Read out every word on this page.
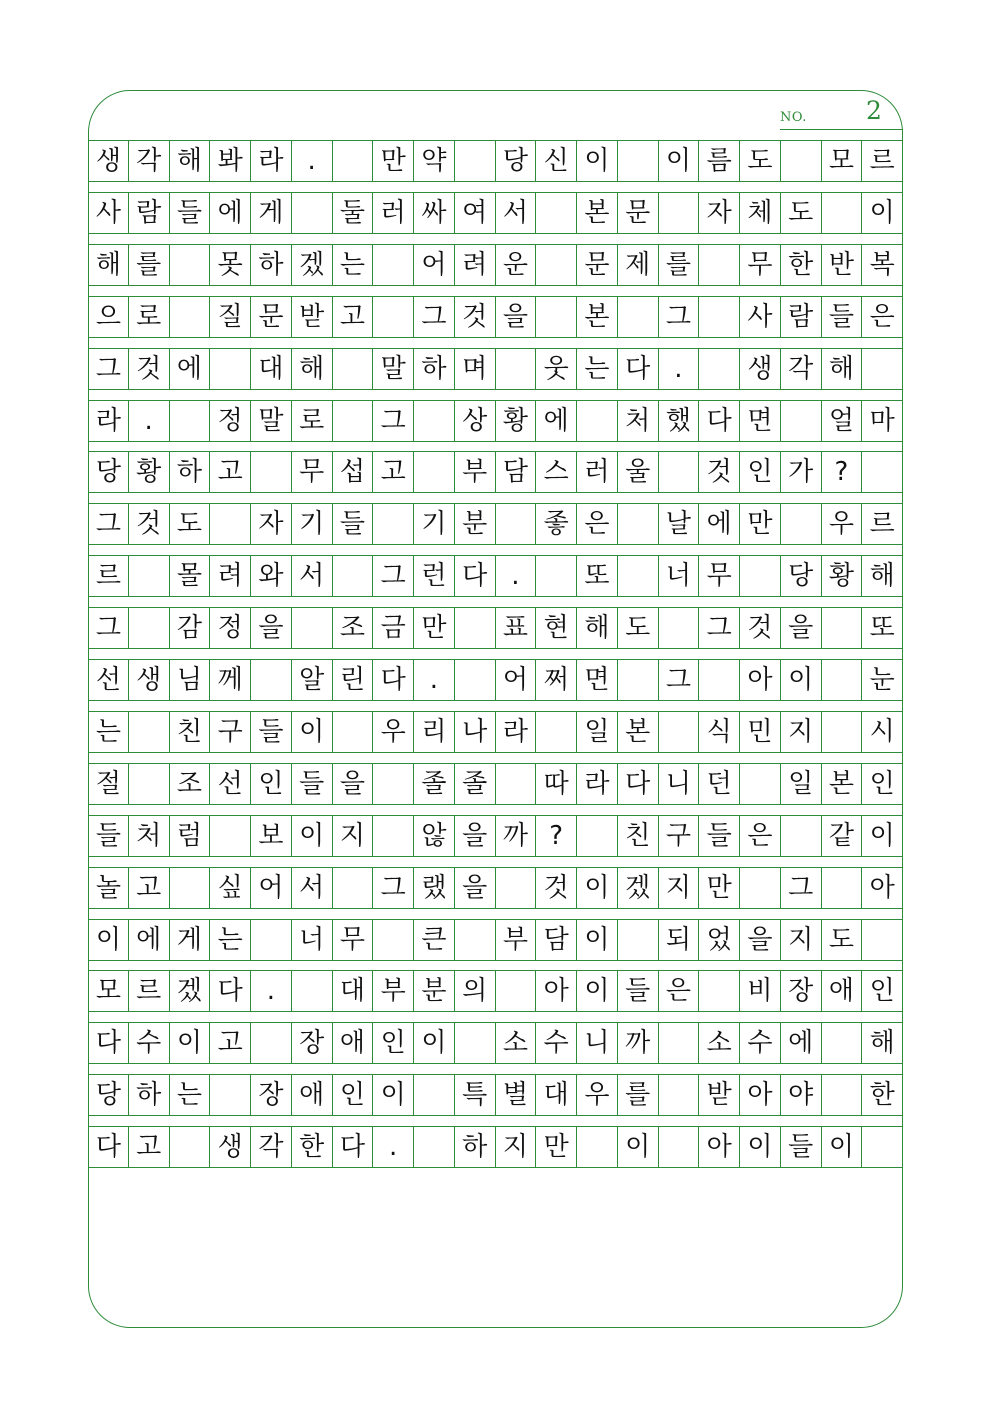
NO. 2
생 각 해 봐 라 .	만 약	당 신 이	이 름 도	모 르
사 람 들 에 게	둘 러 싸 여 서	본 문	자 체 도	이
해 를	못 하 겠 는	어 려 운	문 제 를	무 한 반 복
으 로	질 문 받 고	그 것 을	본	그	사 람 들 은
그 것 에	대 해	말 하 며	웃 는 다 .	생 각 해
라 .	정 말 로	그	상 황 에	처 했 다 면	얼 마
당 황 하 고	무 섭 고	부 담 스 러 울	것 인 가 ?
그 것 도	자 기 들	기 분	좋 은	날 에 만	우 르
르	몰 려 와 서	그 런 다 .	또	너 무	당 황 해
그	감 정 을	조 금 만	표 현 해 도	그 것 을	또
선 생 님 께	알 린 다 .	어 쩌 면	그	아 이	눈
는	친 구 들 이	우 리 나 라	일 본	식 민 지	시
절	조 선 인 들 을	졸 졸	따 라 다 니 던	일 본 인
들 처 럼	보 이 지	않 을 까 ?	친 구 들 은	같 이
놀 고	싶 어 서	그 랬 을	것 이 겠 지 만	그	아
이 에 게 는	너 무	큰	부 담 이	되 었 을 지 도
모 르 겠 다 .	대 부 분 의	아 이 들 은	비 장 애 인
다 수 이 고	장 애 인 이	소 수 니 까	소 수 에	해
당 하 는	장 애 인 이	특 별 대 우 를	받 아 야	한
다 고	생 각 한 다 .	하 지 만	이	아 이 들 이
